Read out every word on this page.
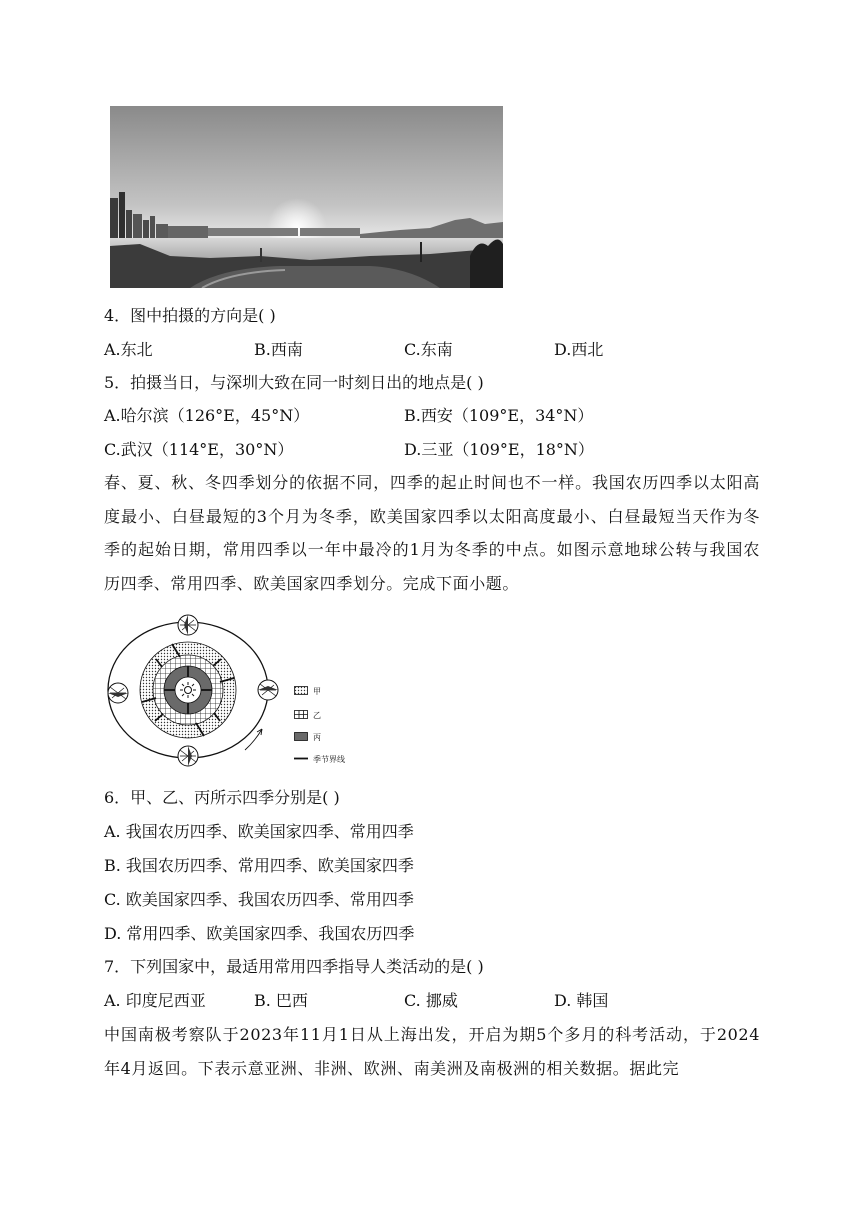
4．图中拍摄的方向是( )
A.东北	B.西南	C.东南	D.西北
5．拍摄当日，与深圳大致在同一时刻日出的地点是( )
A.哈尔滨（126°E，45°N）	B.西安（109°E，34°N）
C.武汉（114°E，30°N）	D.三亚（109°E，18°N）
春、夏、秋、冬四季划分的依据不同，四季的起止时间也不一样。我国农历四季以太阳高度最小、白昼最短的3个月为冬季，欧美国家四季以太阳高度最小、白昼最短当天作为冬季的起始日期，常用四季以一年中最冷的1月为冬季的中点。如图示意地球公转与我国农历四季、常用四季、欧美国家四季划分。完成下面小题。
甲
乙
丙
季节界线
6．甲、乙、丙所示四季分别是( )
A. 我国农历四季、欧美国家四季、常用四季
B. 我国农历四季、常用四季、欧美国家四季
C. 欧美国家四季、我国农历四季、常用四季
D. 常用四季、欧美国家四季、我国农历四季
7．下列国家中，最适用常用四季指导人类活动的是( )
A. 印度尼西亚	B. 巴西	C. 挪威	D. 韩国
中国南极考察队于2023年11月1日从上海出发，开启为期5个多月的科考活动，于2024年4月返回。下表示意亚洲、非洲、欧洲、南美洲及南极洲的相关数据。据此完
